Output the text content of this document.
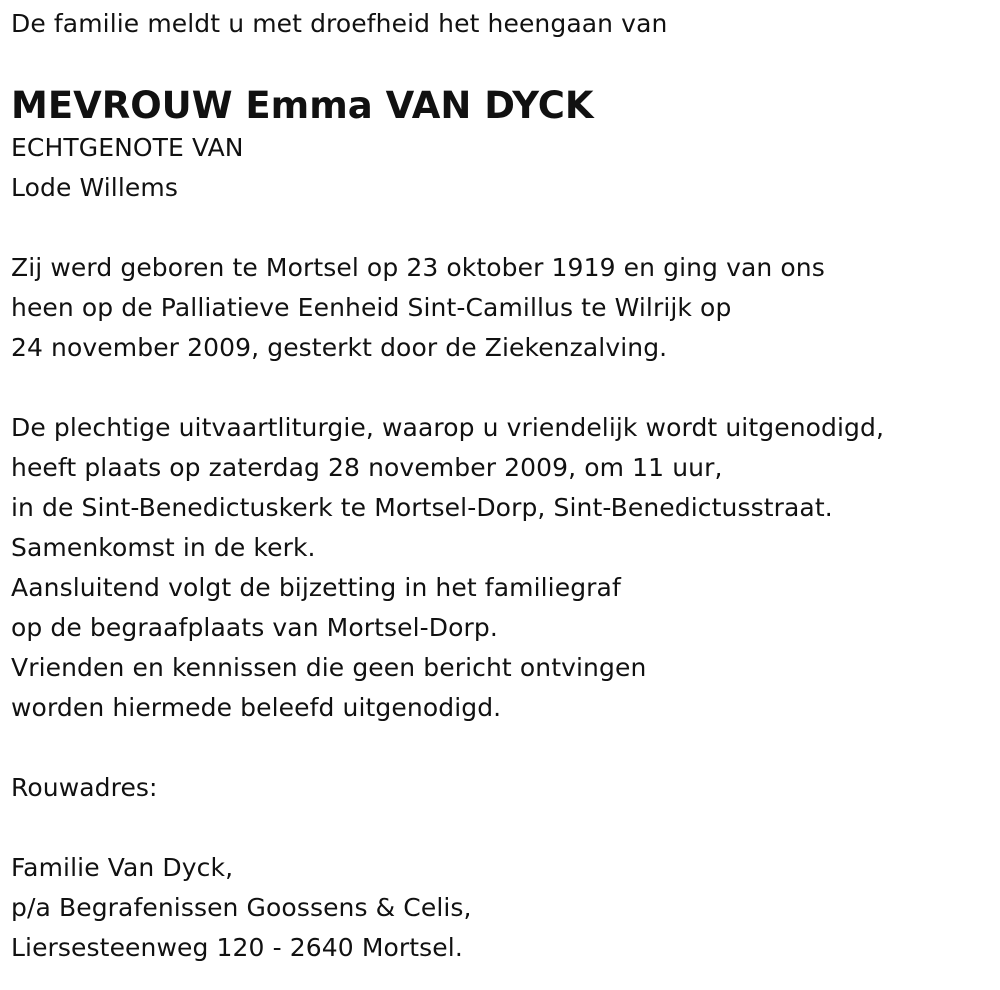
De familie meldt u met droefheid het heengaan van
MEVROUW Emma VAN DYCK
ECHTGENOTE VAN
Lode Willems
Zij werd geboren te Mortsel op 23 oktober 1919 en ging van ons
heen op de Palliatieve Eenheid Sint-Camillus te Wilrijk op
24 november 2009, gesterkt door de Ziekenzalving.
De plechtige uitvaartliturgie, waarop u vriendelijk wordt uitgenodigd,
heeft plaats op zaterdag 28 november 2009, om 11 uur,
in de Sint-Benedictuskerk te Mortsel-Dorp, Sint-Benedictusstraat.
Samenkomst in de kerk.
Aansluitend volgt de bijzetting in het familiegraf
op de begraafplaats van Mortsel-Dorp.
Vrienden en kennissen die geen bericht ontvingen
worden hiermede beleefd uitgenodigd.
Rouwadres:
Familie Van Dyck,
p/a Begrafenissen Goossens & Celis,
Liersesteenweg 120 - 2640 Mortsel.
